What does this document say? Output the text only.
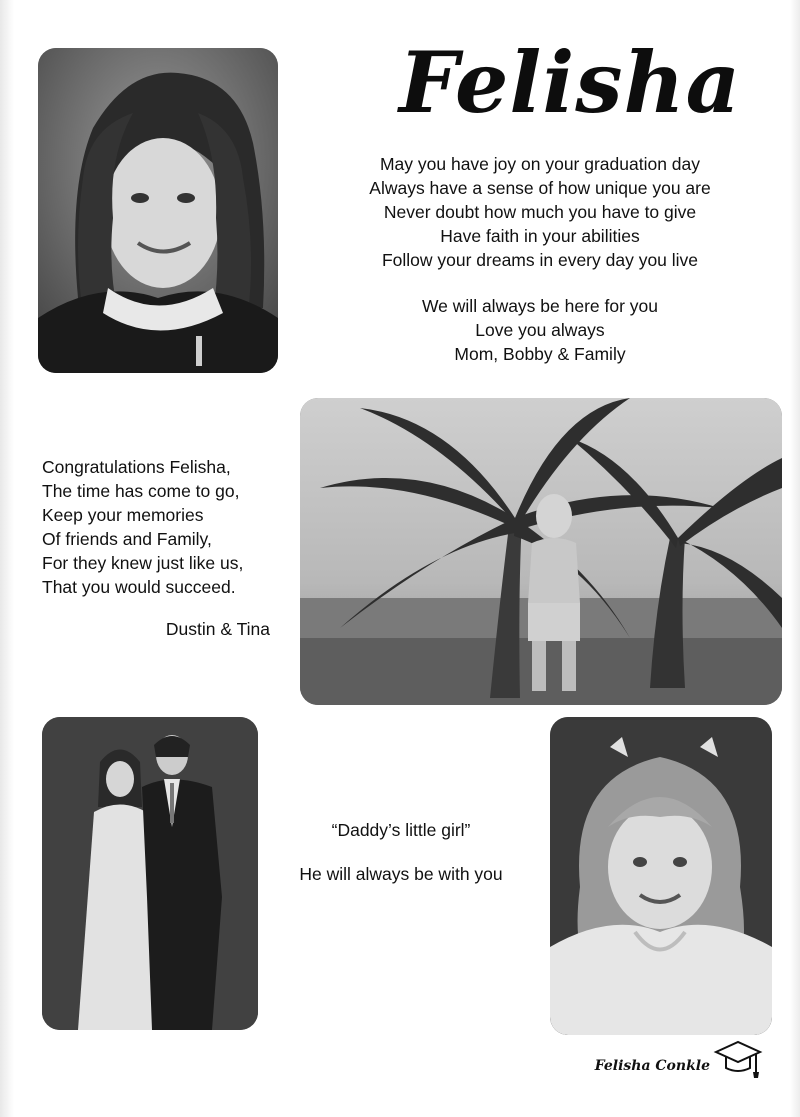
Felisha
May you have joy on your graduation day
Always have a sense of how unique you are
Never doubt how much you have to give
Have faith in your abilities
Follow your dreams in every day you live
We will always be here for you
Love you always
Mom, Bobby & Family
Congratulations Felisha,
The time has come to go,
Keep your memories
Of friends and Family,
For they knew just like us,
That you would succeed.
Dustin & Tina
“Daddy’s little girl”
He will always be with you
Felisha Conkle
